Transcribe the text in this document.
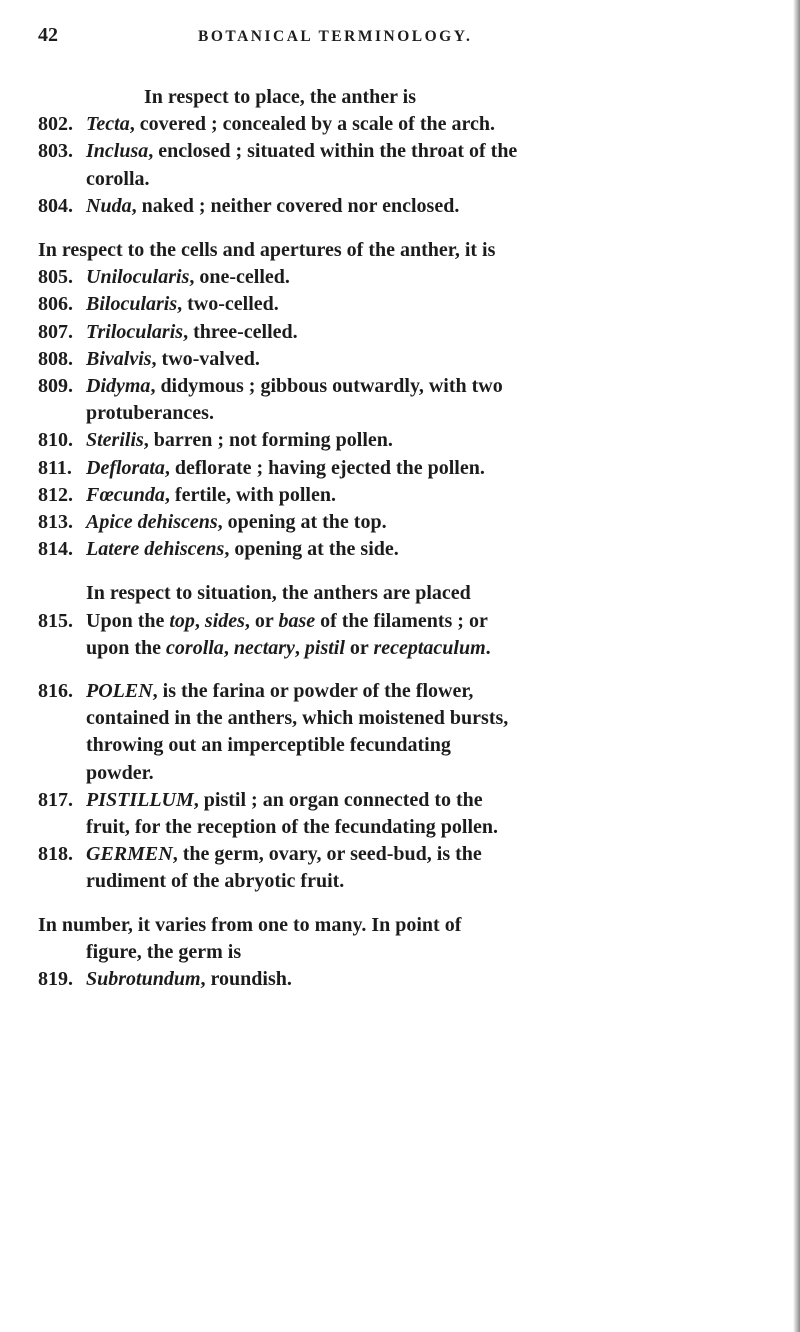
42	BOTANICAL TERMINOLOGY.
In respect to place, the anther is
802. Tecta, covered ; concealed by a scale of the arch.
803. Inclusa, enclosed ; situated within the throat of the
corolla.
804. Nuda, naked ; neither covered nor enclosed.
In respect to the cells and apertures of the anther, it is
805. Unilocularis, one-celled.
806. Bilocularis, two-celled.
807. Trilocularis, three-celled.
808. Bivalvis, two-valved.
809. Didyma, didymous ; gibbous outwardly, with two
protuberances.
810. Sterilis, barren ; not forming pollen.
811. Deflorata, deflorate ; having ejected the pollen.
812. Fœcunda, fertile, with pollen.
813. Apice dehiscens, opening at the top.
814. Latere dehiscens, opening at the side.
In respect to situation, the anthers are placed
815. Upon the top, sides, or base of the filaments ; or
upon the corolla, nectary, pistil or receptaculum.
816. POLEN, is the farina or powder of the flower,
contained in the anthers, which moistened bursts,
throwing out an imperceptible fecundating
powder.
817. PISTILLUM, pistil ; an organ connected to the
fruit, for the reception of the fecundating pollen.
818. GERMEN, the germ, ovary, or seed-bud, is the
rudiment of the abryotic fruit.
In number, it varies from one to many. In point of
figure, the germ is
819. Subrotundum, roundish.
